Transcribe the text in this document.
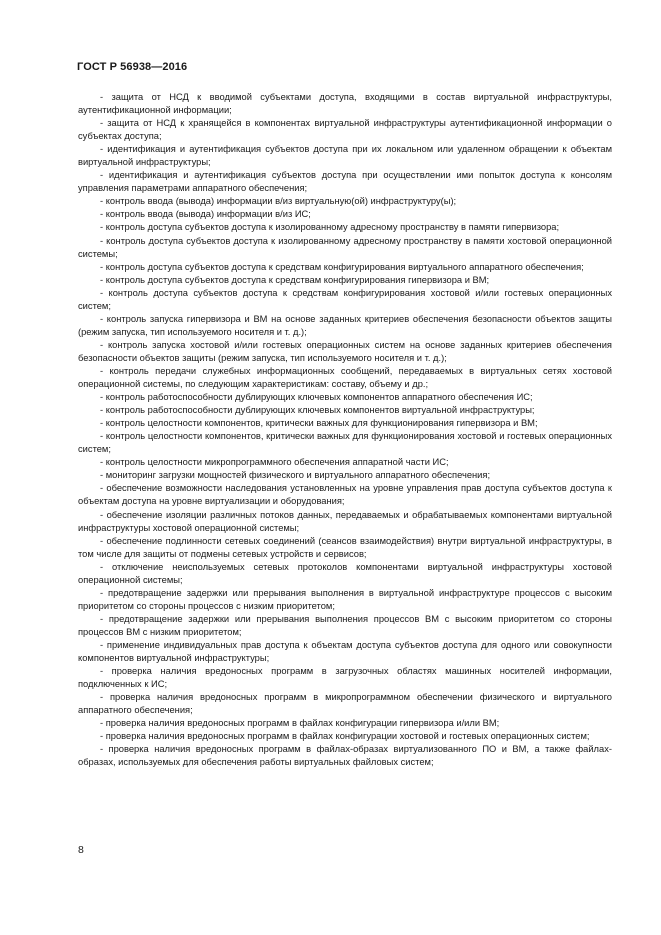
ГОСТ Р 56938—2016

- защита от НСД к вводимой субъектами доступа, входящими в состав виртуальной инфраструктуры, аутентификационной информации;

- защита от НСД к хранящейся в компонентах виртуальной инфраструктуры аутентификационной информации о субъектах доступа;

- идентификация и аутентификация субъектов доступа при их локальном или удаленном обращении к объектам виртуальной инфраструктуры;

- идентификация и аутентификация субъектов доступа при осуществлении ими попыток доступа к консолям управления параметрами аппаратного обеспечения;

- контроль ввода (вывода) информации в/из виртуальную(ой) инфраструктуру(ы);

- контроль ввода (вывода) информации в/из ИС;

- контроль доступа субъектов доступа к изолированному адресному пространству в памяти гипервизора;

- контроль доступа субъектов доступа к изолированному адресному пространству в памяти хостовой операционной системы;

- контроль доступа субъектов доступа к средствам конфигурирования виртуального аппаратного обеспечения;

- контроль доступа субъектов доступа к средствам конфигурирования гипервизора и ВМ;

- контроль доступа субъектов доступа к средствам конфигурирования хостовой и/или гостевых операционных систем;

- контроль запуска гипервизора и ВМ на основе заданных критериев обеспечения безопасности объектов защиты (режим запуска, тип используемого носителя и т. д.);

- контроль запуска хостовой и/или гостевых операционных систем на основе заданных критериев обеспечения безопасности объектов защиты (режим запуска, тип используемого носителя и т. д.);

- контроль передачи служебных информационных сообщений, передаваемых в виртуальных сетях хостовой операционной системы, по следующим характеристикам: составу, объему и др.;

- контроль работоспособности дублирующих ключевых компонентов аппаратного обеспечения ИС;

- контроль работоспособности дублирующих ключевых компонентов виртуальной инфраструктуры;

- контроль целостности компонентов, критически важных для функционирования гипервизора и ВМ;

- контроль целостности компонентов, критически важных для функционирования хостовой и гостевых операционных систем;

- контроль целостности микропрограммного обеспечения аппаратной части ИС;

- мониторинг загрузки мощностей физического и виртуального аппаратного обеспечения;

- обеспечение возможности наследования установленных на уровне управления прав доступа субъектов доступа к объектам доступа на уровне виртуализации и оборудования;

- обеспечение изоляции различных потоков данных, передаваемых и обрабатываемых компонентами виртуальной инфраструктуры хостовой операционной системы;

- обеспечение подлинности сетевых соединений (сеансов взаимодействия) внутри виртуальной инфраструктуры, в том числе для защиты от подмены сетевых устройств и сервисов;

- отключение неиспользуемых сетевых протоколов компонентами виртуальной инфраструктуры хостовой операционной системы;

- предотвращение задержки или прерывания выполнения в виртуальной инфраструктуре процессов с высоким приоритетом со стороны процессов с низким приоритетом;

- предотвращение задержки или прерывания выполнения процессов ВМ с высоким приоритетом со стороны процессов ВМ с низким приоритетом;

- применение индивидуальных прав доступа к объектам доступа субъектов доступа для одного или совокупности компонентов виртуальной инфраструктуры;

- проверка наличия вредоносных программ в загрузочных областях машинных носителей информации, подключенных к ИС;

- проверка наличия вредоносных программ в микропрограммном обеспечении физического и виртуального аппаратного обеспечения;

- проверка наличия вредоносных программ в файлах конфигурации гипервизора и/или ВМ;

- проверка наличия вредоносных программ в файлах конфигурации хостовой и гостевых операционных систем;

- проверка наличия вредоносных программ в файлах-образах виртуализованного ПО и ВМ, а также файлах-образах, используемых для обеспечения работы виртуальных файловых систем;

8
